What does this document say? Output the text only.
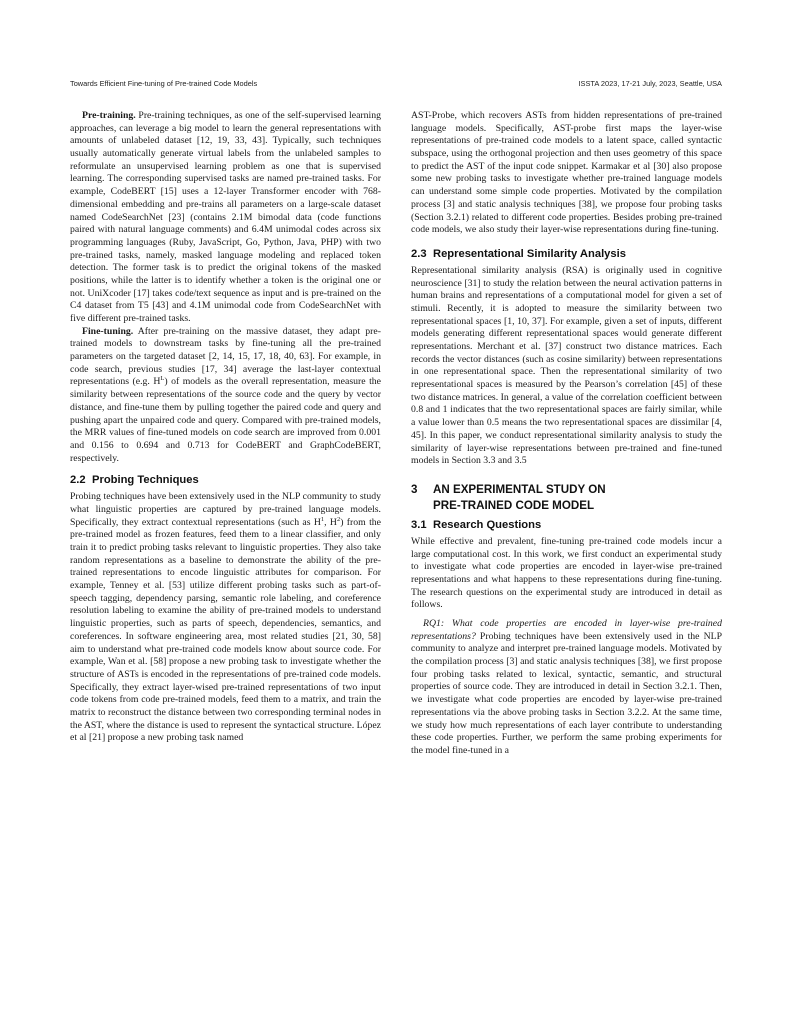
Towards Efficient Fine-tuning of Pre-trained Code Models	ISSTA 2023, 17-21 July, 2023, Seattle, USA

Pre-training. Pre-training techniques, as one of the self-supervised learning approaches, can leverage a big model to learn the general representations with amounts of unlabeled dataset [12, 19, 33, 43]. Typically, such techniques usually automatically generate virtual labels from the unlabeled samples to reformulate an unsupervised learning problem as one that is supervised learning. The corresponding supervised tasks are named pre-trained tasks. For example, CodeBERT [15] uses a 12-layer Transformer encoder with 768-dimensional embedding and pre-trains all parameters on a large-scale dataset named CodeSearchNet [23] (contains 2.1M bimodal data (code functions paired with natural language comments) and 6.4M unimodal codes across six programming languages (Ruby, JavaScript, Go, Python, Java, PHP) with two pre-trained tasks, namely, masked language modeling and replaced token detection. The former task is to predict the original tokens of the masked positions, while the latter is to identify whether a token is the original one or not. UniXcoder [17] takes code/text sequence as input and is pre-trained on the C4 dataset from T5 [43] and 4.1M unimodal code from CodeSearchNet with five different pre-trained tasks.

Fine-tuning. After pre-training on the massive dataset, they adapt pre-trained models to downstream tasks by fine-tuning all the pre-trained parameters on the targeted dataset [2, 14, 15, 17, 18, 40, 63]. For example, in code search, previous studies [17, 34] average the last-layer contextual representations (e.g. $H^L$) of models as the overall representation, measure the similarity between representations of the source code and the query by vector distance, and fine-tune them by pulling together the paired code and query and pushing apart the unpaired code and query. Compared with pre-trained models, the MRR values of fine-tuned models on code search are improved from 0.001 and 0.156 to 0.694 and 0.713 for CodeBERT and GraphCodeBERT, respectively.

2.2 Probing Techniques

Probing techniques have been extensively used in the NLP community to study what linguistic properties are captured by pre-trained language models. Specifically, they extract contextual representations (such as $H^1$, $H^2$) from the pre-trained model as frozen features, feed them to a linear classifier, and only train it to predict probing tasks relevant to linguistic properties. They also take random representations as a baseline to demonstrate the ability of the pre-trained representations to encode linguistic attributes for comparison. For example, Tenney et al. [53] utilize different probing tasks such as part-of-speech tagging, dependency parsing, semantic role labeling, and coreference resolution labeling to examine the ability of pre-trained models to understand linguistic properties, such as parts of speech, dependencies, semantics, and coreferences. In software engineering area, most related studies [21, 30, 58] aim to understand what pre-trained code models know about source code. For example, Wan et al. [58] propose a new probing task to investigate whether the structure of ASTs is encoded in the representations of pre-trained code models. Specifically, they extract layer-wised pre-trained representations of two input code tokens from code pre-trained models, feed them to a matrix, and train the matrix to reconstruct the distance between two corresponding terminal nodes in the AST, where the distance is used to represent the syntactical structure. López et al [21] propose a new probing task named

AST-Probe, which recovers ASTs from hidden representations of pre-trained language models. Specifically, AST-probe first maps the layer-wise representations of pre-trained code models to a latent space, called syntactic subspace, using the orthogonal projection and then uses geometry of this space to predict the AST of the input code snippet. Karmakar et al [30] also propose some new probing tasks to investigate whether pre-trained language models can understand some simple code properties. Motivated by the compilation process [3] and static analysis techniques [38], we propose four probing tasks (Section 3.2.1) related to different code properties. Besides probing pre-trained code models, we also study their layer-wise representations during fine-tuning.

2.3 Representational Similarity Analysis

Representational similarity analysis (RSA) is originally used in cognitive neuroscience [31] to study the relation between the neural activation patterns in human brains and representations of a computational model for given a set of stimuli. Recently, it is adopted to measure the similarity between two representational spaces [1, 10, 37]. For example, given a set of inputs, different models generating different representational spaces would generate different representations. Merchant et al. [37] construct two distance matrices. Each records the vector distances (such as cosine similarity) between representations in one representational space. Then the representational similarity of two representational spaces is measured by the Pearson’s correlation [45] of these two distance matrices. In general, a value of the correlation coefficient between 0.8 and 1 indicates that the two representational spaces are fairly similar, while a value lower than 0.5 means the two representational spaces are dissimilar [4, 45]. In this paper, we conduct representational similarity analysis to study the similarity of layer-wise representations between pre-trained and fine-tuned models in Section 3.3 and 3.5

3 AN EXPERIMENTAL STUDY ON
PRE-TRAINED CODE MODEL
3.1 Research Questions

While effective and prevalent, fine-tuning pre-trained code models incur a large computational cost. In this work, we first conduct an experimental study to investigate what code properties are encoded in layer-wise pre-trained representations and what happens to these representations during fine-tuning. The research questions on the experimental study are introduced in detail as follows.

RQ1: What code properties are encoded in layer-wise pre-trained representations? Probing techniques have been extensively used in the NLP community to analyze and interpret pre-trained language models. Motivated by the compilation process [3] and static analysis techniques [38], we first propose four probing tasks related to lexical, syntactic, semantic, and structural properties of source code. They are introduced in detail in Section 3.2.1. Then, we investigate what code properties are encoded by layer-wise pre-trained representations via the above probing tasks in Section 3.2.2. At the same time, we study how much representations of each layer contribute to understanding these code properties. Further, we perform the same probing experiments for the model fine-tuned in a
